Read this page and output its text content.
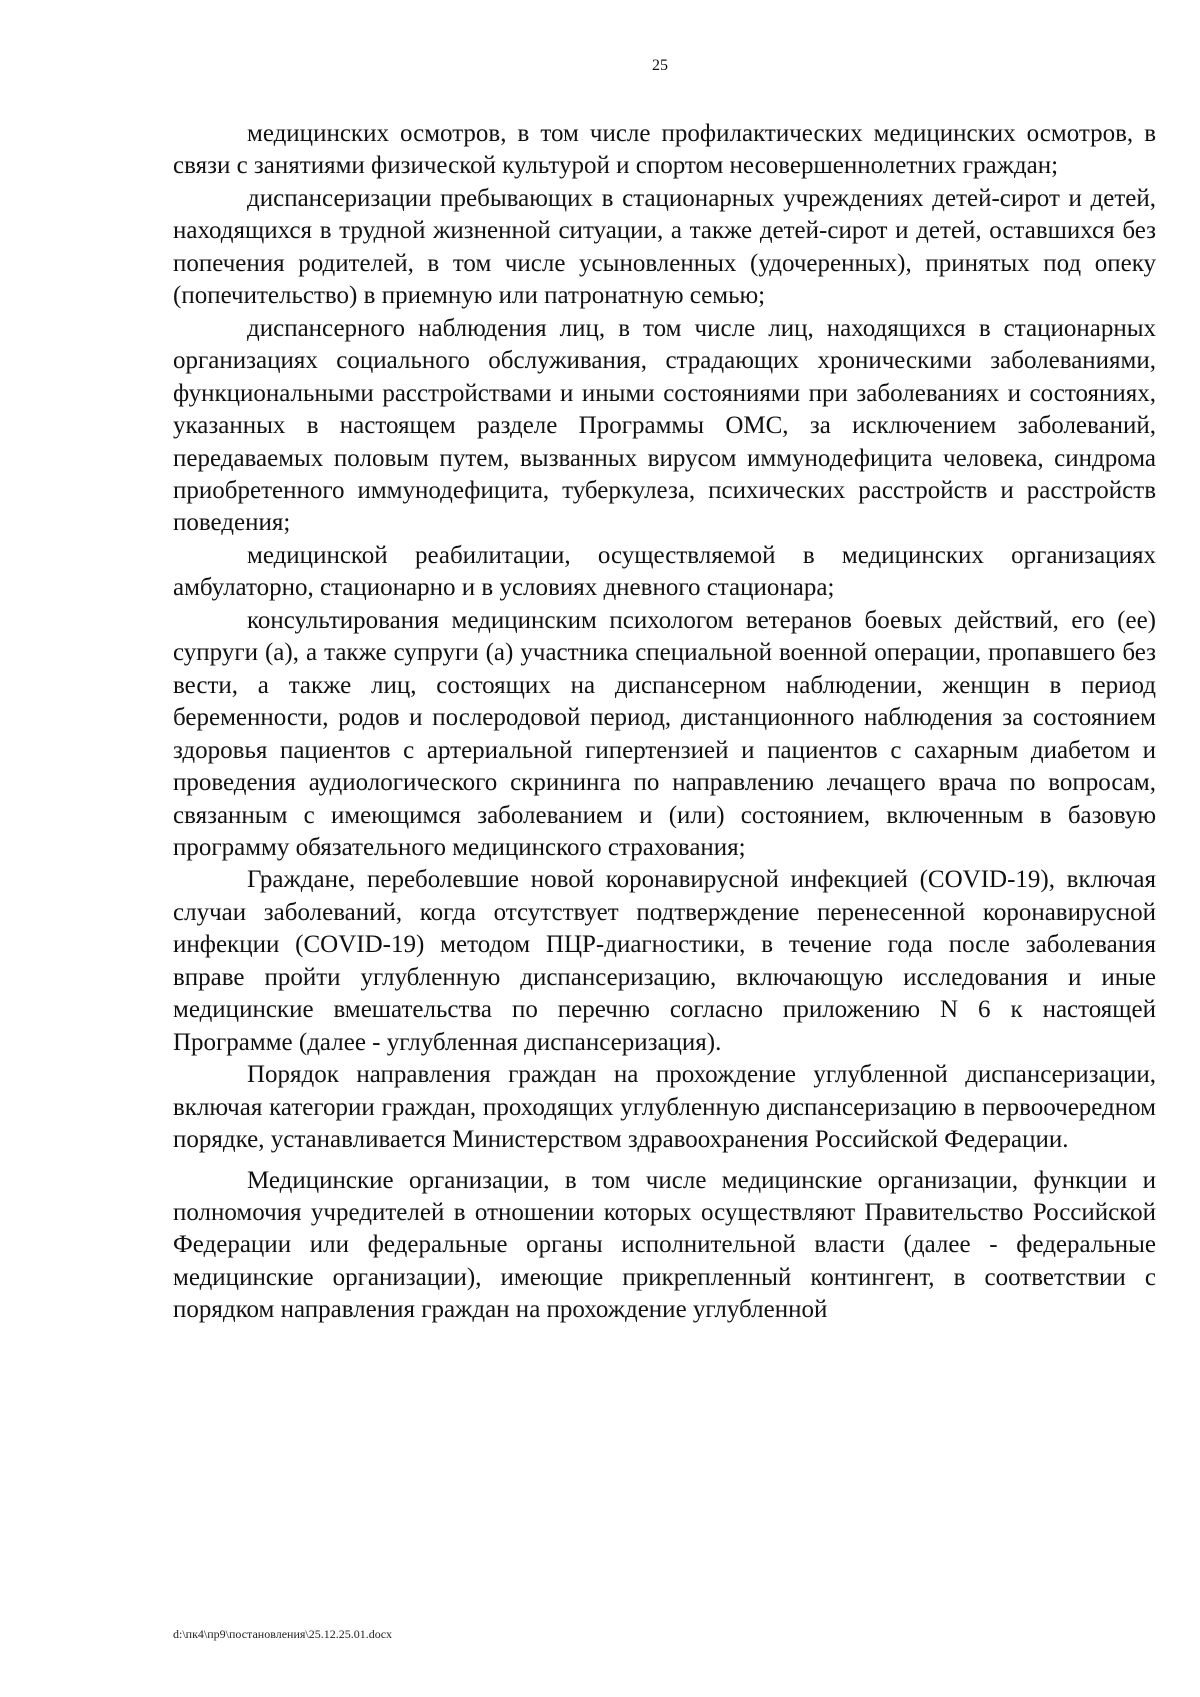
25

медицинских осмотров, в том числе профилактических медицинских осмотров, в связи с занятиями физической культурой и спортом несовершеннолетних граждан;

диспансеризации пребывающих в стационарных учреждениях детей-сирот и детей, находящихся в трудной жизненной ситуации, а также детей-сирот и детей, оставшихся без попечения родителей, в том числе усыновленных (удочеренных), принятых под опеку (попечительство) в приемную или патронатную семью;

диспансерного наблюдения лиц, в том числе лиц, находящихся в стационарных организациях социального обслуживания, страдающих хроническими заболеваниями, функциональными расстройствами и иными состояниями при заболеваниях и состояниях, указанных в настоящем разделе Программы ОМС, за исключением заболеваний, передаваемых половым путем, вызванных вирусом иммунодефицита человека, синдрома приобретенного иммунодефицита, туберкулеза, психических расстройств и расстройств поведения;

медицинской реабилитации, осуществляемой в медицинских организациях амбулаторно, стационарно и в условиях дневного стационара;

консультирования медицинским психологом ветеранов боевых действий, его (ее) супруги (а), а также супруги (а) участника специальной военной операции, пропавшего без вести, а также лиц, состоящих на диспансерном наблюдении, женщин в период беременности, родов и послеродовой период, дистанционного наблюдения за состоянием здоровья пациентов с артериальной гипертензией и пациентов с сахарным диабетом и проведения аудиологического скрининга по направлению лечащего врача по вопросам, связанным с имеющимся заболеванием и (или) состоянием, включенным в базовую программу обязательного медицинского страхования;

Граждане, переболевшие новой коронавирусной инфекцией (COVID-19), включая случаи заболеваний, когда отсутствует подтверждение перенесенной коронавирусной инфекции (COVID-19) методом ПЦР-диагностики, в течение года после заболевания вправе пройти углубленную диспансеризацию, включающую исследования и иные медицинские вмешательства по перечню согласно приложению N 6 к настоящей Программе (далее - углубленная диспансеризация).

Порядок направления граждан на прохождение углубленной диспансеризации, включая категории граждан, проходящих углубленную диспансеризацию в первоочередном порядке, устанавливается Министерством здравоохранения Российской Федерации.

Медицинские организации, в том числе медицинские организации, функции и полномочия учредителей в отношении которых осуществляют Правительство Российской Федерации или федеральные органы исполнительной власти (далее - федеральные медицинские организации), имеющие прикрепленный контингент, в соответствии с порядком направления граждан на прохождение углубленной

d:\пк4\пр9\постановления\25.12.25.01.docx
